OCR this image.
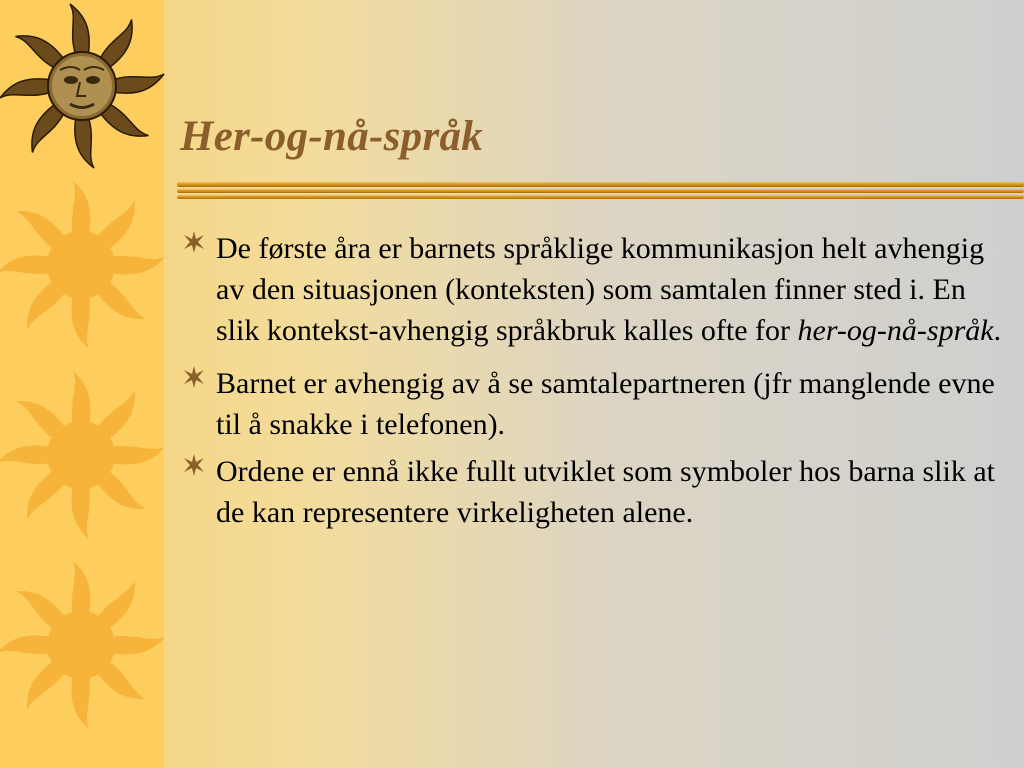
Her-og-nå-språk
De første åra er barnets språklige kommunikasjon helt avhengig av den situasjonen (konteksten) som samtalen finner sted i. En slik kontekst-avhengig språkbruk kalles ofte for her-og-nå-språk.
Barnet er avhengig av å se samtalepartneren (jfr manglende evne til å snakke i telefonen).
Ordene er ennå ikke fullt utviklet som symboler hos barna slik at de kan representere virkeligheten alene.
